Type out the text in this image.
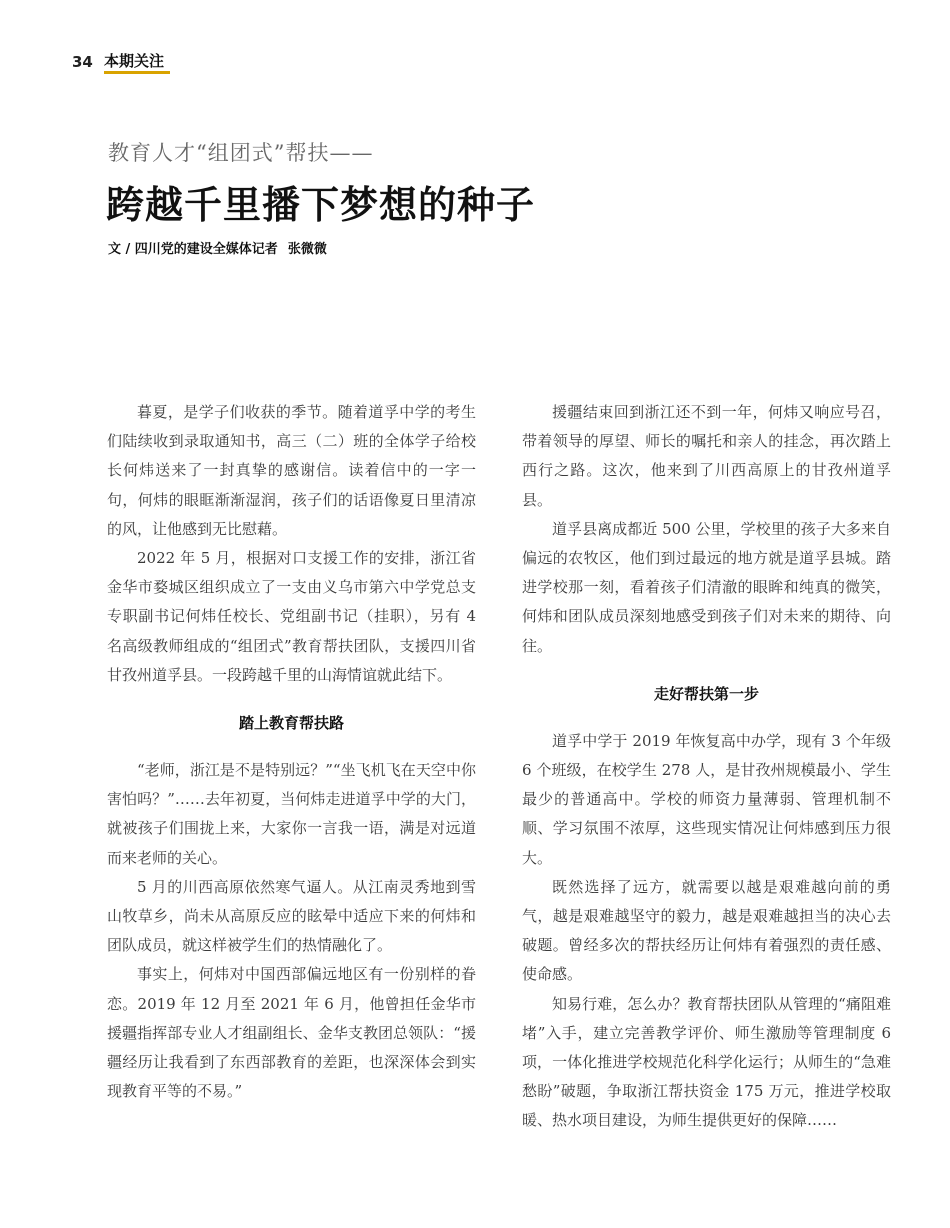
34 本期关注
教育人才“组团式”帮扶——
跨越千里播下梦想的种子
文 / 四川党的建设全媒体记者 张微微

暮夏，是学子们收获的季节。随着道孚中学的考生们陆续收到录取通知书，高三（二）班的全体学子给校长何炜送来了一封真挚的感谢信。读着信中的一字一句，何炜的眼眶渐渐湿润，孩子们的话语像夏日里清凉的风，让他感到无比慰藉。

2022 年 5 月，根据对口支援工作的安排，浙江省金华市婺城区组织成立了一支由义乌市第六中学党总支专职副书记何炜任校长、党组副书记（挂职），另有 4 名高级教师组成的“组团式”教育帮扶团队，支援四川省甘孜州道孚县。一段跨越千里的山海情谊就此结下。

踏上教育帮扶路

“老师，浙江是不是特别远？”“坐飞机飞在天空中你害怕吗？”……去年初夏，当何炜走进道孚中学的大门，就被孩子们围拢上来，大家你一言我一语，满是对远道而来老师的关心。

5 月的川西高原依然寒气逼人。从江南灵秀地到雪山牧草乡，尚未从高原反应的眩晕中适应下来的何炜和团队成员，就这样被学生们的热情融化了。

事实上，何炜对中国西部偏远地区有一份别样的眷恋。2019 年 12 月至 2021 年 6 月，他曾担任金华市援疆指挥部专业人才组副组长、金华支教团总领队：“援疆经历让我看到了东西部教育的差距，也深深体会到实现教育平等的不易。”

援疆结束回到浙江还不到一年，何炜又响应号召，带着领导的厚望、师长的嘱托和亲人的挂念，再次踏上西行之路。这次，他来到了川西高原上的甘孜州道孚县。

道孚县离成都近 500 公里，学校里的孩子大多来自偏远的农牧区，他们到过最远的地方就是道孚县城。踏进学校那一刻，看着孩子们清澈的眼眸和纯真的微笑，何炜和团队成员深刻地感受到孩子们对未来的期待、向往。

走好帮扶第一步

道孚中学于 2019 年恢复高中办学，现有 3 个年级 6 个班级，在校学生 278 人，是甘孜州规模最小、学生最少的普通高中。学校的师资力量薄弱、管理机制不顺、学习氛围不浓厚，这些现实情况让何炜感到压力很大。

既然选择了远方，就需要以越是艰难越向前的勇气，越是艰难越坚守的毅力，越是艰难越担当的决心去破题。曾经多次的帮扶经历让何炜有着强烈的责任感、使命感。

知易行难，怎么办？教育帮扶团队从管理的“痛阻难堵”入手，建立完善教学评价、师生激励等管理制度 6 项，一体化推进学校规范化科学化运行；从师生的“急难愁盼”破题，争取浙江帮扶资金 175 万元，推进学校取暖、热水项目建设，为师生提供更好的保障……
